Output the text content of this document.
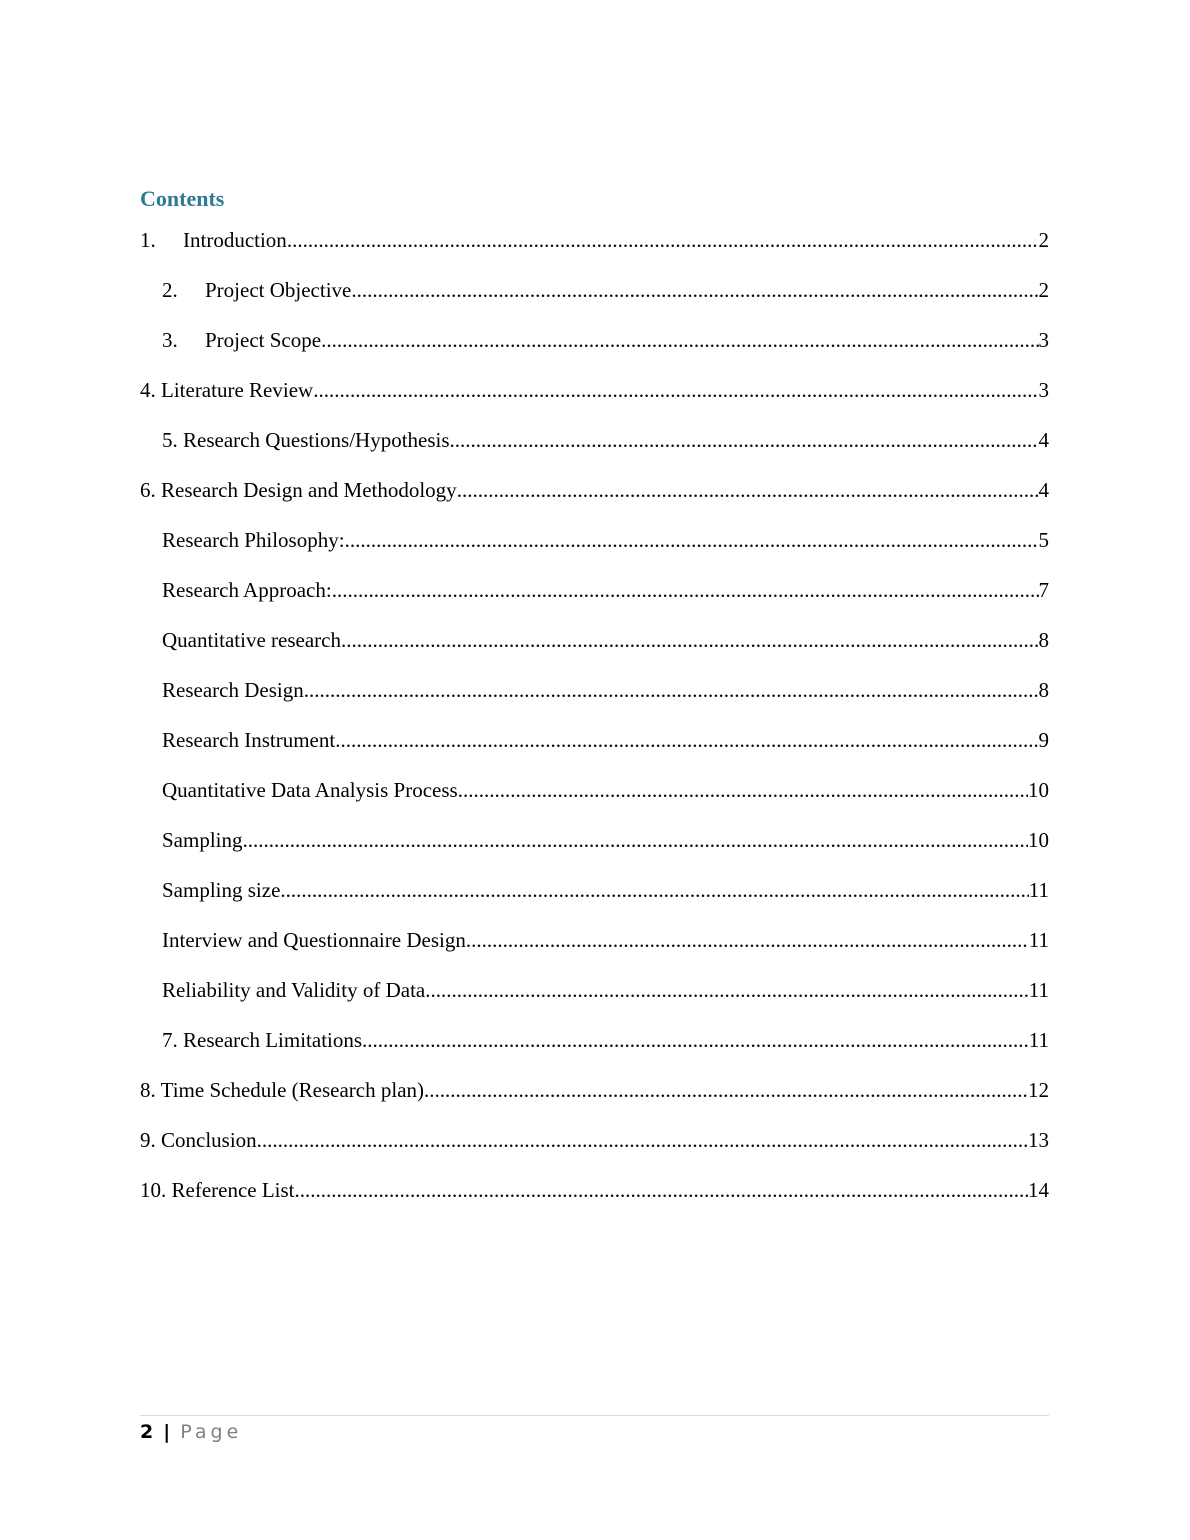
Contents
1.	Introduction .....	2
2.	Project Objective .....	2
3.	Project Scope .....	3
4. Literature Review .....	3
5. Research Questions/Hypothesis .....	4
6. Research Design and Methodology .....	4
Research Philosophy: .....	5
Research Approach: .....	7
Quantitative research .....	8
Research Design .....	8
Research Instrument .....	9
Quantitative Data Analysis Process .....	10
Sampling .....	10
Sampling size .....	11
Interview and Questionnaire Design .....	11
Reliability and Validity of Data .....	11
7. Research Limitations .....	11
8. Time Schedule (Research plan) .....	12
9. Conclusion .....	13
10. Reference List .....	14
2 | Page
